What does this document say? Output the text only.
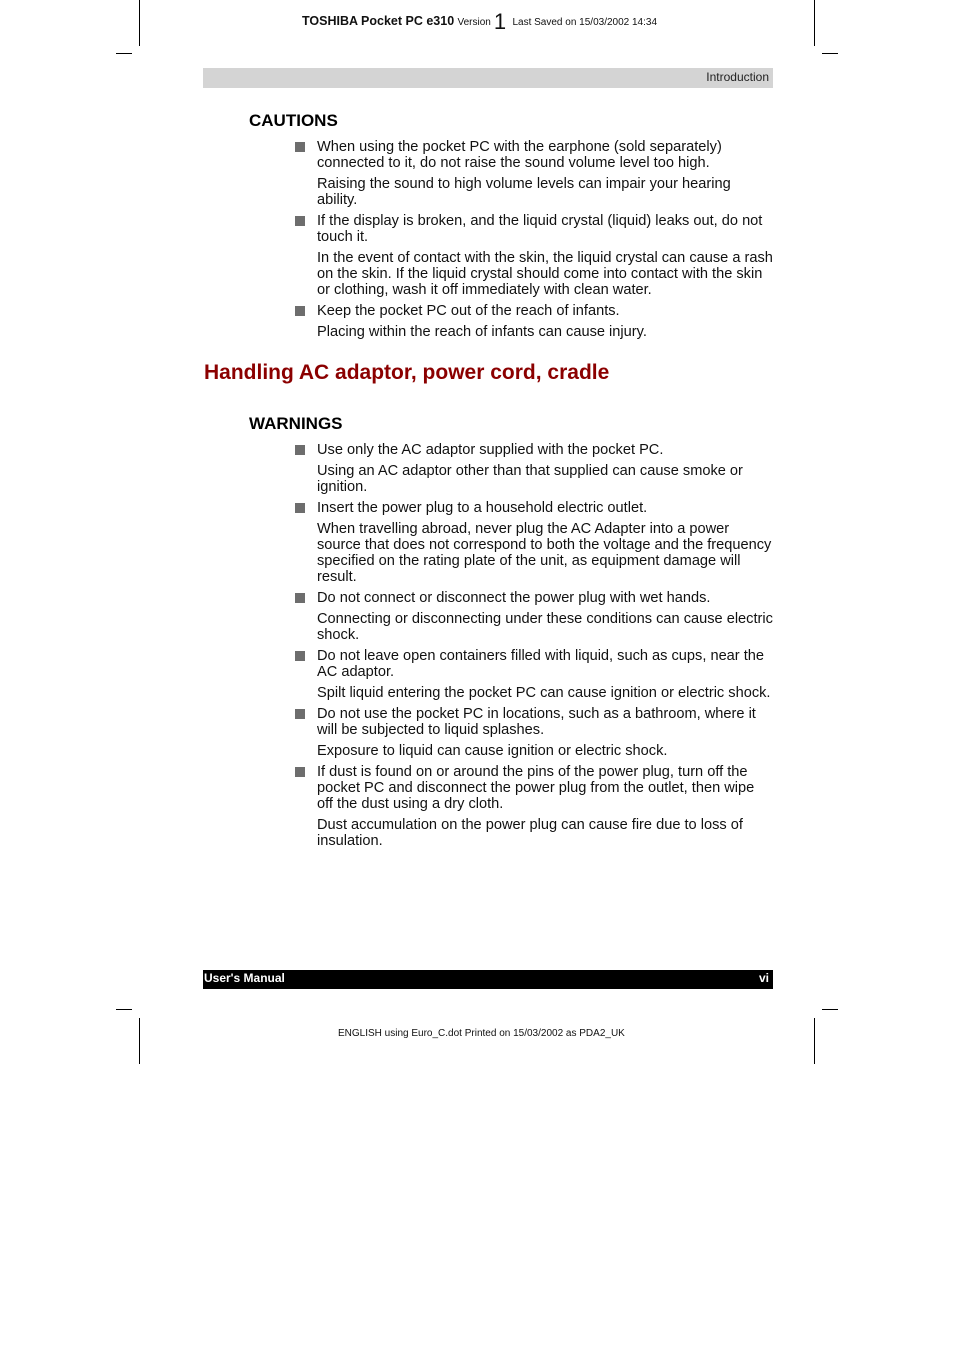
TOSHIBA Pocket PC e310 Version 1 Last Saved on 15/03/2002 14:34
Introduction
CAUTIONS
When using the pocket PC with the earphone (sold separately) connected to it, do not raise the sound volume level too high.
Raising the sound to high volume levels can impair your hearing ability.
If the display is broken, and the liquid crystal (liquid) leaks out, do not touch it.
In the event of contact with the skin, the liquid crystal can cause a rash on the skin. If the liquid crystal should come into contact with the skin or clothing, wash it off immediately with clean water.
Keep the pocket PC out of the reach of infants.
Placing within the reach of infants can cause injury.
Handling AC adaptor, power cord, cradle
WARNINGS
Use only the AC adaptor supplied with the pocket PC.
Using an AC adaptor other than that supplied can cause smoke or ignition.
Insert the power plug to a household electric outlet.
When travelling abroad, never plug the AC Adapter into a power source that does not correspond to both the voltage and the frequency specified on the rating plate of the unit, as equipment damage will result.
Do not connect or disconnect the power plug with wet hands.
Connecting or disconnecting under these conditions can cause electric shock.
Do not leave open containers filled with liquid, such as cups, near the AC adaptor.
Spilt liquid entering the pocket PC can cause ignition or electric shock.
Do not use the pocket PC in locations, such as a bathroom, where it will be subjected to liquid splashes.
Exposure to liquid can cause ignition or electric shock.
If dust is found on or around the pins of the power plug, turn off the pocket PC and disconnect the power plug from the outlet, then wipe off the dust using a dry cloth.
Dust accumulation on the power plug can cause fire due to loss of insulation.
User's Manual	vi
ENGLISH using Euro_C.dot Printed on 15/03/2002 as PDA2_UK
